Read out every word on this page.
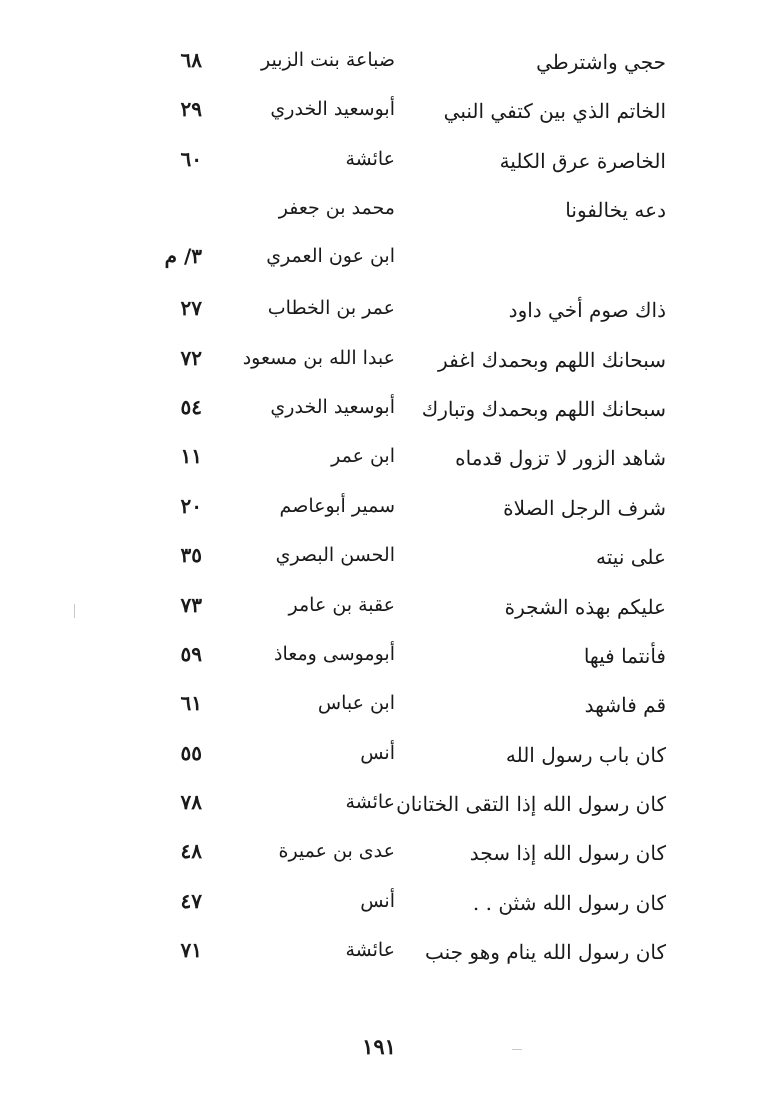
حجي واشترطي
ضباعة بنت الزبير
٦٨
الخاتم الذي بين كتفي النبي
أبوسعيد الخدري
٢٩
الخاصرة عرق الكلية
عائشة
٦٠
دعه يخالفونا
محمد بن جعفر
ابن عون العمري
٣/ م
ذاك صوم أخي داود
عمر بن الخطاب
٢٧
سبحانك اللهم وبحمدك اغفر
عبدا الله بن مسعود
٧٢
سبحانك اللهم وبحمدك وتبارك
أبوسعيد الخدري
٥٤
شاهد الزور لا تزول قدماه
ابن عمر
١١
شرف الرجل الصلاة
سمير أبوعاصم
٢٠
على نيته
الحسن البصري
٣٥
عليكم بهذه الشجرة
عقبة بن عامر
٧٣
فأنتما فيها
أبوموسى ومعاذ
٥٩
قم فاشهد
ابن عباس
٦١
كان باب رسول الله
أنس
٥٥
كان رسول الله إذا التقى الختانان
عائشة
٧٨
كان رسول الله إذا سجد
عدى بن عميرة
٤٨
كان رسول الله شثن . .
أنس
٤٧
كان رسول الله ينام وهو جنب
عائشة
٧١
١٩١
